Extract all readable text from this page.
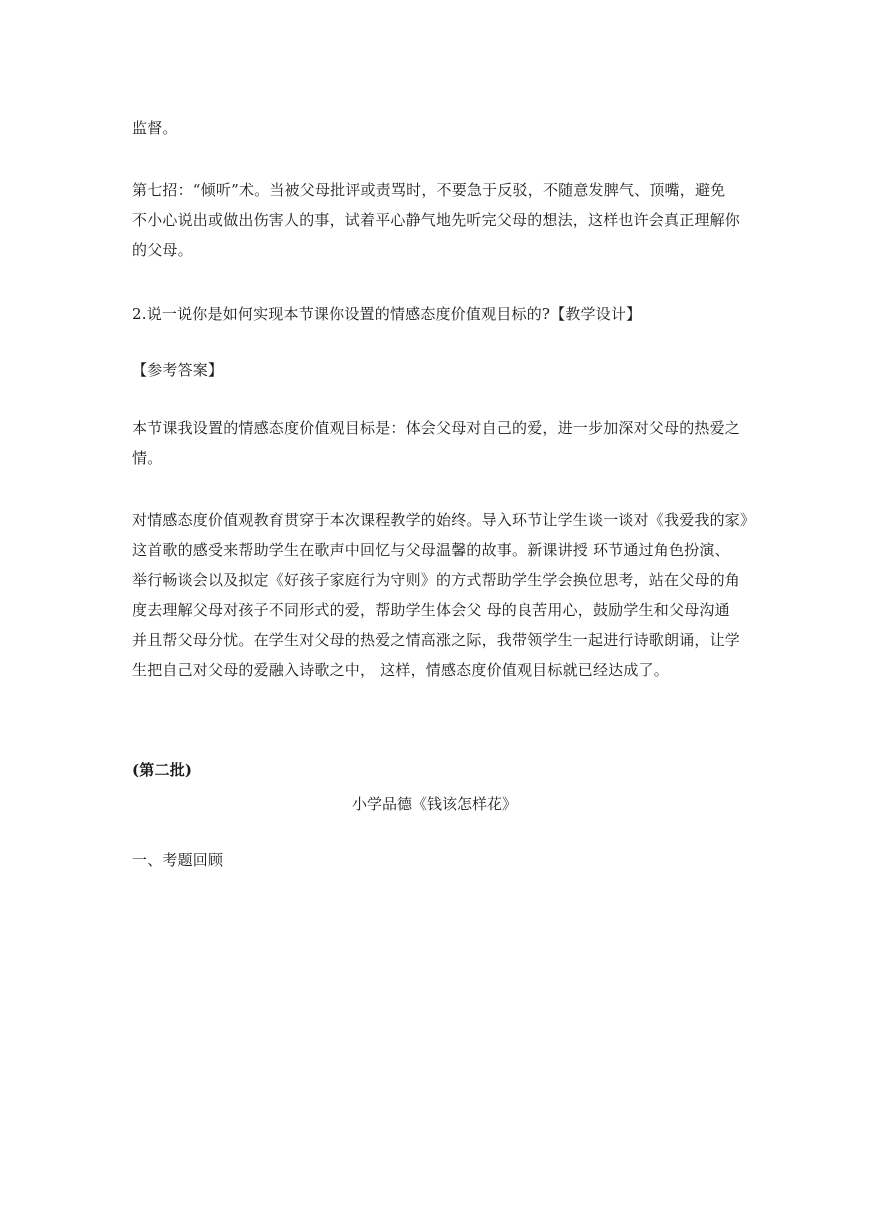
监督。

第七招：“倾听”术。当被父母批评或责骂时，不要急于反驳，不随意发脾气、顶嘴，避免
不小心说出或做出伤害人的事，试着平心静气地先听完父母的想法，这样也许会真正理解你
的父母。

2.说一说你是如何实现本节课你设置的情感态度价值观目标的?【教学设计】

【参考答案】

本节课我设置的情感态度价值观目标是：体会父母对自己的爱，进一步加深对父母的热爱之
情。

对情感态度价值观教育贯穿于本次课程教学的始终。导入环节让学生谈一谈对《我爱我的家》
这首歌的感受来帮助学生在歌声中回忆与父母温馨的故事。新课讲授 环节通过角色扮演、
举行畅谈会以及拟定《好孩子家庭行为守则》的方式帮助学生学会换位思考，站在父母的角
度去理解父母对孩子不同形式的爱，帮助学生体会父 母的良苦用心，鼓励学生和父母沟通
并且帮父母分忧。在学生对父母的热爱之情高涨之际，我带领学生一起进行诗歌朗诵，让学
生把自己对父母的爱融入诗歌之中， 这样，情感态度价值观目标就已经达成了。

(第二批)

小学品德《钱该怎样花》

一、考题回顾
